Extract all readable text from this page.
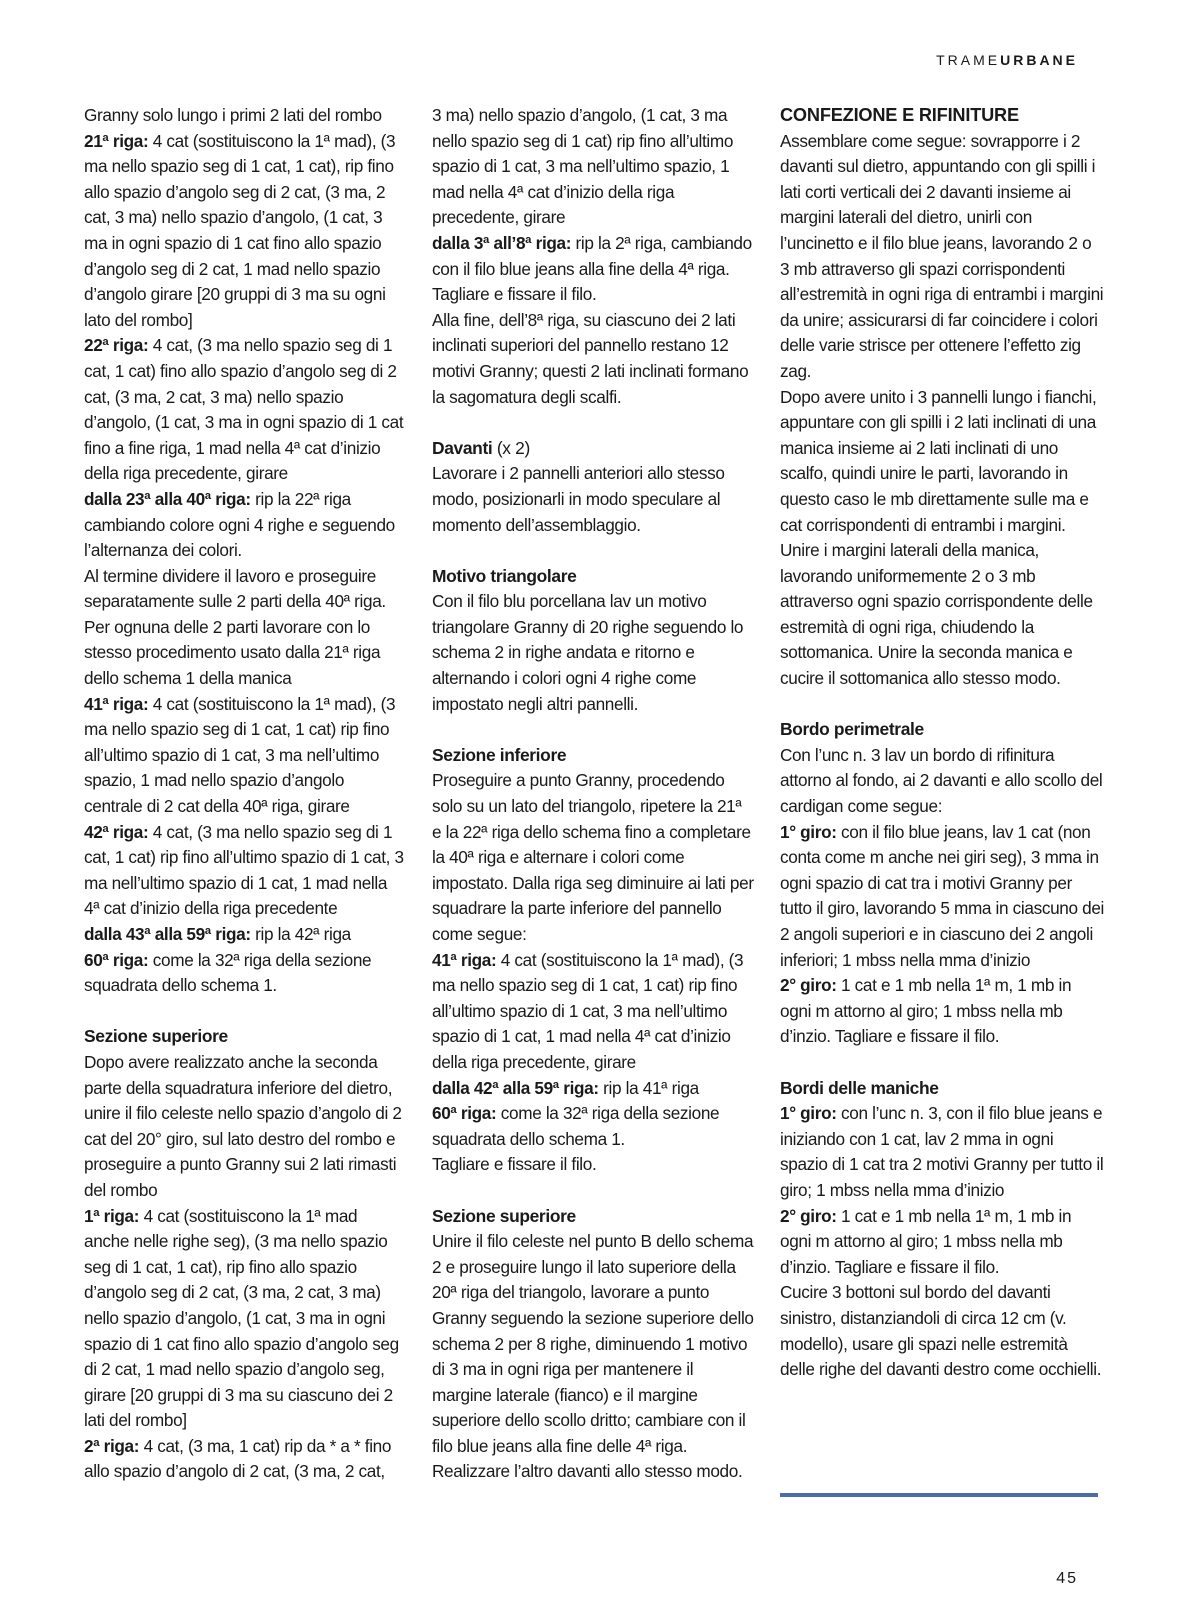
TRAMEURBANE

Granny solo lungo i primi 2 lati del rombo

21ª riga: 4 cat (sostituiscono la 1ª mad), (3 ma nello spazio seg di 1 cat, 1 cat), rip fino allo spazio d’angolo seg di 2 cat, (3 ma, 2 cat, 3 ma) nello spazio d’angolo, (1 cat, 3 ma in ogni spazio di 1 cat fino allo spazio d’angolo seg di 2 cat, 1 mad nello spazio d’angolo girare [20 gruppi di 3 ma su ogni lato del rombo]

22ª riga: 4 cat, (3 ma nello spazio seg di 1 cat, 1 cat) fino allo spazio d’angolo seg di 2 cat, (3 ma, 2 cat, 3 ma) nello spazio d’angolo, (1 cat, 3 ma in ogni spazio di 1 cat fino a fine riga, 1 mad nella 4ª cat d’inizio della riga precedente, girare

dalla 23ª alla 40ª riga: rip la 22ª riga cambiando colore ogni 4 righe e seguendo l’alternanza dei colori.

Al termine dividere il lavoro e proseguire separatamente sulle 2 parti della 40ª riga. Per ognuna delle 2 parti lavorare con lo stesso procedimento usato dalla 21ª riga dello schema 1 della manica

41ª riga: 4 cat (sostituiscono la 1ª mad), (3 ma nello spazio seg di 1 cat, 1 cat) rip fino all’ultimo spazio di 1 cat, 3 ma nell’ultimo spazio, 1 mad nello spazio d’angolo centrale di 2 cat della 40ª riga, girare

42ª riga: 4 cat, (3 ma nello spazio seg di 1 cat, 1 cat) rip fino all’ultimo spazio di 1 cat, 3 ma nell’ultimo spazio di 1 cat, 1 mad nella 4ª cat d’inizio della riga precedente

dalla 43ª alla 59ª riga: rip la 42ª riga

60ª riga: come la 32ª riga della sezione squadrata dello schema 1.

Sezione superiore

Dopo avere realizzato anche la seconda parte della squadratura inferiore del dietro, unire il filo celeste nello spazio d’angolo di 2 cat del 20° giro, sul lato destro del rombo e proseguire a punto Granny sui 2 lati rimasti del rombo

1ª riga: 4 cat (sostituiscono la 1ª mad anche nelle righe seg), (3 ma nello spazio seg di 1 cat, 1 cat), rip fino allo spazio d’angolo seg di 2 cat, (3 ma, 2 cat, 3 ma) nello spazio d’angolo, (1 cat, 3 ma in ogni spazio di 1 cat fino allo spazio d’angolo seg di 2 cat, 1 mad nello spazio d’angolo seg, girare [20 gruppi di 3 ma su ciascuno dei 2 lati del rombo]

2ª riga: 4 cat, (3 ma, 1 cat) rip da * a * fino allo spazio d’angolo di 2 cat, (3 ma, 2 cat,

3 ma) nello spazio d’angolo, (1 cat, 3 ma nello spazio seg di 1 cat) rip fino all’ultimo spazio di 1 cat, 3 ma nell’ultimo spazio, 1 mad nella 4ª cat d’inizio della riga precedente, girare

dalla 3ª all’8ª riga: rip la 2ª riga, cambiando con il filo blue jeans alla fine della 4ª riga. Tagliare e fissare il filo.

Alla fine, dell’8ª riga, su ciascuno dei 2 lati inclinati superiori del pannello restano 12 motivi Granny; questi 2 lati inclinati formano la sagomatura degli scalfi.

Davanti (x 2)

Lavorare i 2 pannelli anteriori allo stesso modo, posizionarli in modo speculare al momento dell’assemblaggio.

Motivo triangolare

Con il filo blu porcellana lav un motivo triangolare Granny di 20 righe seguendo lo schema 2 in righe andata e ritorno e alternando i colori ogni 4 righe come impostato negli altri pannelli.

Sezione inferiore

Proseguire a punto Granny, procedendo solo su un lato del triangolo, ripetere la 21ª e la 22ª riga dello schema fino a completare la 40ª riga e alternare i colori come impostato. Dalla riga seg diminuire ai lati per squadrare la parte inferiore del pannello come segue:

41ª riga: 4 cat (sostituiscono la 1ª mad), (3 ma nello spazio seg di 1 cat, 1 cat) rip fino all’ultimo spazio di 1 cat, 3 ma nell’ultimo spazio di 1 cat, 1 mad nella 4ª cat d’inizio della riga precedente, girare

dalla 42ª alla 59ª riga: rip la 41ª riga

60ª riga: come la 32ª riga della sezione squadrata dello schema 1.

Tagliare e fissare il filo.

Sezione superiore

Unire il filo celeste nel punto B dello schema 2 e proseguire lungo il lato superiore della 20ª riga del triangolo, lavorare a punto Granny seguendo la sezione superiore dello schema 2 per 8 righe, diminuendo 1 motivo di 3 ma in ogni riga per mantenere il margine laterale (fianco) e il margine superiore dello scollo dritto; cambiare con il filo blue jeans alla fine delle 4ª riga. Realizzare l’altro davanti allo stesso modo.

CONFEZIONE E RIFINITURE

Assemblare come segue: sovrapporre i 2 davanti sul dietro, appuntando con gli spilli i lati corti verticali dei 2 davanti insieme ai margini laterali del dietro, unirli con l’uncinetto e il filo blue jeans, lavorando 2 o 3 mb attraverso gli spazi corrispondenti all’estremità in ogni riga di entrambi i margini da unire; assicurarsi di far coincidere i colori delle varie strisce per ottenere l’effetto zig zag.

Dopo avere unito i 3 pannelli lungo i fianchi, appuntare con gli spilli i 2 lati inclinati di una manica insieme ai 2 lati inclinati di uno scalfo, quindi unire le parti, lavorando in questo caso le mb direttamente sulle ma e cat corrispondenti di entrambi i margini.

Unire i margini laterali della manica, lavorando uniformemente 2 o 3 mb attraverso ogni spazio corrispondente delle estremità di ogni riga, chiudendo la sottomanica. Unire la seconda manica e cucire il sottomanica allo stesso modo.

Bordo perimetrale

Con l’unc n. 3 lav un bordo di rifinitura attorno al fondo, ai 2 davanti e allo scollo del cardigan come segue:

1° giro: con il filo blue jeans, lav 1 cat (non conta come m anche nei giri seg), 3 mma in ogni spazio di cat tra i motivi Granny per tutto il giro, lavorando 5 mma in ciascuno dei 2 angoli superiori e in ciascuno dei 2 angoli inferiori; 1 mbss nella mma d’inizio

2° giro: 1 cat e 1 mb nella 1ª m, 1 mb in ogni m attorno al giro; 1 mbss nella mb d’inzio. Tagliare e fissare il filo.

Bordi delle maniche

1° giro: con l’unc n. 3, con il filo blue jeans e iniziando con 1 cat, lav 2 mma in ogni spazio di 1 cat tra 2 motivi Granny per tutto il giro; 1 mbss nella mma d’inizio

2° giro: 1 cat e 1 mb nella 1ª m, 1 mb in ogni m attorno al giro; 1 mbss nella mb d’inzio. Tagliare e fissare il filo.

Cucire 3 bottoni sul bordo del davanti sinistro, distanziandoli di circa 12 cm (v. modello), usare gli spazi nelle estremità delle righe del davanti destro come occhielli.

45
